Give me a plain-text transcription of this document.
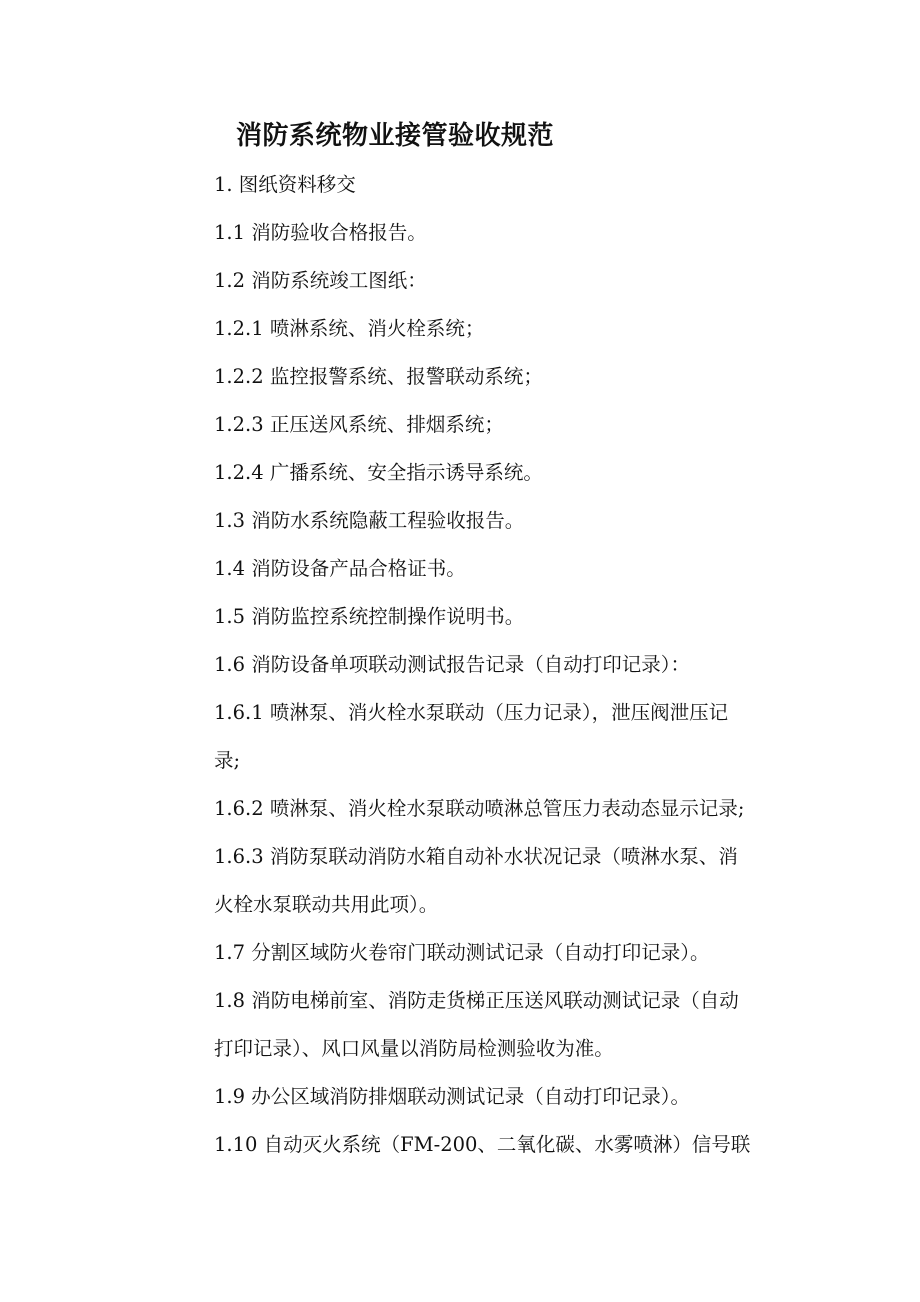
消防系统物业接管验收规范
1. 图纸资料移交
1.1 消防验收合格报告。
1.2 消防系统竣工图纸：
1.2.1 喷淋系统、消火栓系统；
1.2.2 监控报警系统、报警联动系统；
1.2.3 正压送风系统、排烟系统；
1.2.4 广播系统、安全指示诱导系统。
1.3 消防水系统隐蔽工程验收报告。
1.4 消防设备产品合格证书。
1.5 消防监控系统控制操作说明书。
1.6 消防设备单项联动测试报告记录（自动打印记录）：
1.6.1 喷淋泵、消火栓水泵联动（压力记录），泄压阀泄压记
录;
1.6.2 喷淋泵、消火栓水泵联动喷淋总管压力表动态显示记录;
1.6.3 消防泵联动消防水箱自动补水状况记录（喷淋水泵、消
火栓水泵联动共用此项）。
1.7 分割区域防火卷帘门联动测试记录（自动打印记录）。
1.8 消防电梯前室、消防走货梯正压送风联动测试记录（自动
打印记录）、风口风量以消防局检测验收为准。
1.9 办公区域消防排烟联动测试记录（自动打印记录）。
1.10 自动灭火系统（FM-200、二氧化碳、水雾喷淋）信号联
